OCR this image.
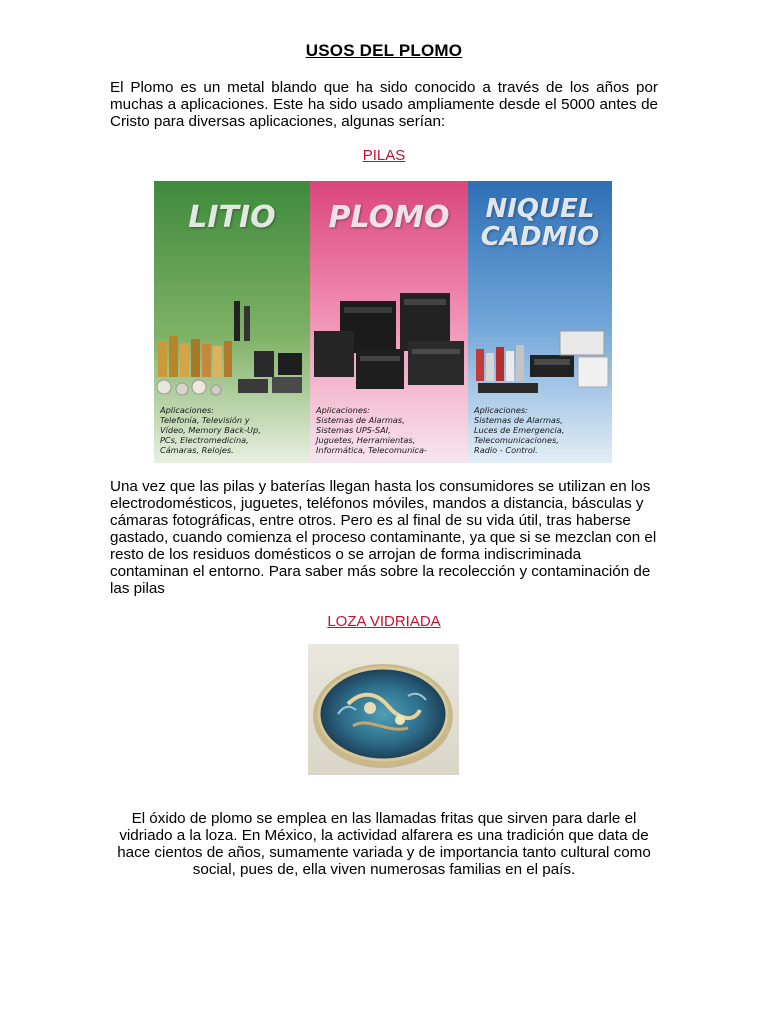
USOS DEL PLOMO
El Plomo es un metal blando que ha sido conocido a través de los años por muchas a aplicaciones. Este ha sido usado ampliamente desde el 5000 antes de Cristo para diversas aplicaciones, algunas serían:
PILAS
LITIO
Aplicaciones:
Telefonía, Televisión y
Vídeo, Memory Back-Up,
PCs, Electromedicina,
Cámaras, Relojes.
PLOMO
Aplicaciones:
Sistemas de Alarmas,
Sistemas UPS-SAI,
Juguetes, Herramientas,
Informática, Telecomunica-
NIQUEL
CADMIO
Aplicaciones:
Sistemas de Alarmas,
Luces de Emergencia,
Telecomunicaciones,
Radio - Control.
Una vez que las pilas y baterías llegan hasta los consumidores se utilizan en los electrodomésticos, juguetes, teléfonos móviles, mandos a distancia, básculas y cámaras fotográficas, entre otros. Pero es al final de su vida útil, tras haberse gastado, cuando comienza el proceso contaminante, ya que si se mezclan con el resto de los residuos domésticos o se arrojan de forma indiscriminada contaminan el entorno. Para saber más sobre la recolección y contaminación de las pilas
LOZA VIDRIADA
El óxido de plomo se emplea en las llamadas fritas que sirven para darle el vidriado a la loza. En México, la actividad alfarera es una tradición que data de hace cientos de años, sumamente variada y de importancia tanto cultural como social, pues de, ella viven numerosas familias en el país.
